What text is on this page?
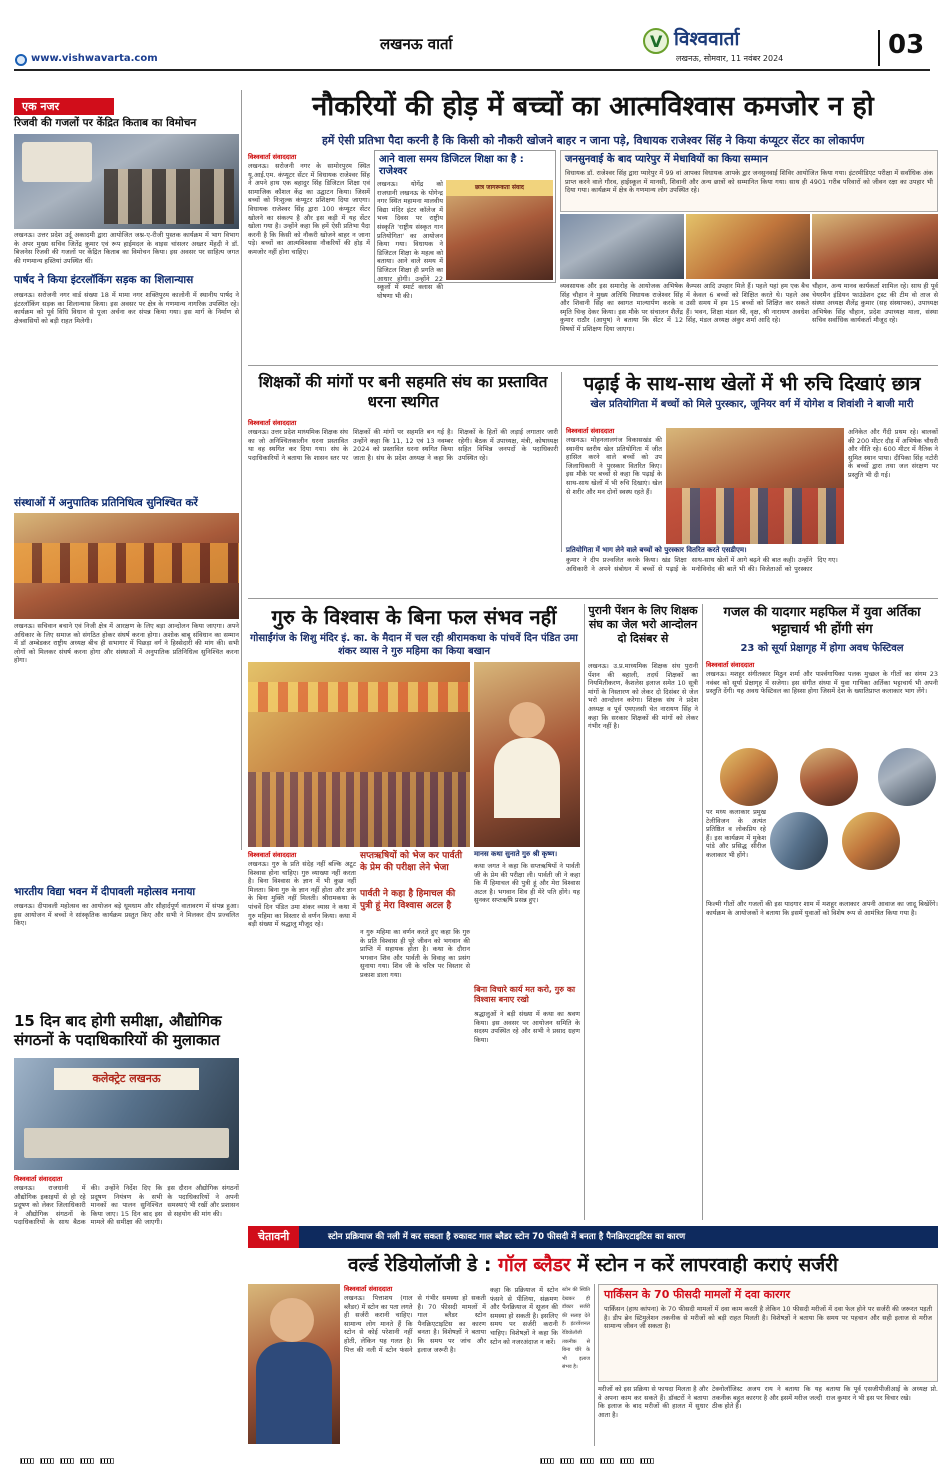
लखनऊ वार्ता
www.vishwavarta.com
V विश्ववार्ता
लखनऊ, सोमवार, 11 नवंबर 2024	03
एक नजर
रिजवी की गजलों पर केंद्रित किताब का विमोचन
लखनऊ। उत्तर प्रदेश उर्दू अकादमी द्वारा आयोजित जश्न-ए-रीजी पुस्तक कार्यक्रम में भाग विभाग के अपर मुख्य सचिव जितेंद्र कुमार एवं रूप हाईमदल के वाइस चांसलर अख्तर मेंहदी ने डॉ. बिजनेस रिजवी की गजलों पर केंद्रित किताब का विमोचन किया। इस अवसर पर साहित्य जगत की गणमान्य हस्तियां उपस्थित थीं।
पार्षद ने किया इंटरलॉकिंग सड़क का शिलान्यास
लखनऊ। सरोजनी नगर वार्ड संख्या 18 में मामा नगर शक्तिपुरम कालोनी में स्थानीय पार्षद ने इंटरलॉकिंग सड़क का शिलान्यास किया। इस अवसर पर क्षेत्र के गणमान्य नागरिक उपस्थित रहे। कार्यक्रम को पूर्व विधि विधान से पूजा अर्चना कर संपन्न किया गया। इस मार्ग के निर्माण से क्षेत्रवासियों को बड़ी राहत मिलेगी।
संस्थाओं में अनुपातिक प्रतिनिधित्व सुनिश्चित करें
लखनऊ। सचिवान बचाने एवं निजी क्षेत्र में आरक्षण के लिए बड़ा आन्दोलन किया जाएगा। अपने अधिकार के लिए समाज को संगठित होकर संघर्ष करना होगा। अशोक बाबू संविधान का सम्मान में डॉ अम्बेडकर राष्ट्रीय अध्यक्ष बीच ही सभागार में पिछड़ा वर्ग ने हिस्सेदारी की मांग की। सभी लोगों को मिलकर संघर्ष करना होगा और संस्थाओं में अनुपातिक प्रतिनिधित्व सुनिश्चित करना होगा।
भारतीय विद्या भवन में दीपावली महोत्सव मनाया
लखनऊ। दीपावली महोत्सव का आयोजन बड़े धूमधाम और सौहार्दपूर्ण वातावरण में संपन्न हुआ। इस आयोजन में बच्चों ने सांस्कृतिक कार्यक्रम प्रस्तुत किए और सभी ने मिलकर दीप प्रज्वलित किए।
15 दिन बाद होगी समीक्षा, औद्योगिक संगठनों के पदाधिकारियों की मुलाकात
कलेक्ट्रेट लखनऊ
विश्ववार्ता संवाददाता
लखनऊ। राजधानी में औद्योगिक इकाइयों से हो रहे प्रदूषण को लेकर जिलाधिकारी ने औद्योगिक संगठनों के पदाधिकारियों के साथ बैठक की। उन्होंने निर्देश दिए कि प्रदूषण नियंत्रण के सभी मानकों का पालन सुनिश्चित किया जाए। 15 दिन बाद इस मामले की समीक्षा की जाएगी। इस दौरान औद्योगिक संगठनों के पदाधिकारियों ने अपनी समस्याएं भी रखीं और प्रशासन से सहयोग की मांग की।
नौकरियों की होड़ में बच्चों का आत्मविश्वास कमजोर न हो
हमें ऐसी प्रतिभा पैदा करनी है कि किसी को नौकरी खोजने बाहर न जाना पड़े, विधायक राजेश्वर सिंह ने किया कंप्यूटर सेंटर का लोकार्पण
विश्ववार्ता संवाददाता
लखनऊ। सरोजनी नगर के सामोरपुरम स्थित यू.आई.एम. कंप्यूटर सेंटर में विधायक राजेश्वर सिंह ने अपने हाथ एक बहादुर सिंह डिजिटल शिक्षा एवं सामाजिक कौशल केंद्र का उद्घाटन किया। जिसमें बच्चों को निःशुल्क कंप्यूटर प्रशिक्षण दिया जाएगा। विधायक राजेश्वर सिंह द्वारा 100 कंप्यूटर सेंटर खोलने का संकल्प है और इस कड़ी में यह सेंटर खोला गया है। उन्होंने कहा कि हमें ऐसी प्रतिभा पैदा करनी है कि किसी को नौकरी खोजने बाहर न जाना पड़े। बच्चों का आत्मविश्वास नौकरियों की होड़ में कमजोर नहीं होना चाहिए।
आने वाला समय डिजिटल शिक्षा का है : राजेश्वर
लखनऊ। योगेंद्र को राजधानी लखनऊ के योगेन्द्र नगर स्थित महामना मालवीय विद्या मंदिर इंटर कॉलेज में भव्य दिवस पर राष्ट्रीय संस्कृति 'राष्ट्रीय संस्कृत गान प्रतियोगिता' का आयोजन किया गया। विधायक ने डिजिटल शिक्षा के महत्व को बताया। आने वाले समय में डिजिटल शिक्षा ही प्रगति का आधार होगी। उन्होंने 22 स्कूलों में स्मार्ट क्लास की घोषणा भी की।
छात्र जागरूकता संवाद
जनसुनवाई के बाद प्यारेपुर में मेधावियों का किया सम्मान
विधायक डॉ. राजेश्वर सिंह द्वारा प्यारेपुर में 99 वां आपका विधायक आपके द्वार जनसुनवाई शिविर आयोजित किया गया। इंटरमीडिएट परीक्षा में सर्वाधिक अंक प्राप्त करने वाले गौरव, हाईस्कूल में मानसी, शिवानी और अन्य छात्रों को सम्मानित किया गया। साथ ही 4901 गरीब परिवारों को जीवन रक्षा का उपहार भी दिया गया। कार्यक्रम में क्षेत्र के गणमान्य लोग उपस्थित रहे।
व्यवसायक और इस समारोह के आयोजक अभिषेक सिंह चौहान ने मुख्य अतिथि विधायक राजेश्वर सिंह और शिवानी सिंह का स्वागत माल्यार्पण करके व स्मृति चिन्ह देकर किया। इस मौके पर संचालन शैलेंद्र कुमार राठौर (आयुष) ने बताया कि सेंटर में 12 विषयों में प्रशिक्षण दिया जाएगा।
कैम्पस आदि उपहार मिले हैं। पहले यहां हम एक बैच में केवल 6 बच्चों को शिक्षित करते थे। पहले अब उसी समय में हम 15 बच्चों को शिक्षित कर सकते हैं। भवन, शिक्षा मंडल श्री, वृक्ष, श्री नारायण अवधेश सिंह, मंडल अध्यक्ष अंकुर शर्मा आदि रहे।
चौहान, अन्य मानव कार्यकर्ता शामिल रहे। साथ ही पूर्व चेयरमैन इंडियन फाउंडेशन ट्रस्ट की टीम वो ताज से संस्था अध्यक्ष शैलेंद्र कुमार (सह संस्थापक), उपाध्यक्ष अभिषेक सिंह चौहान, प्रदेश उपाध्यक्ष माला, संस्था सचिव सर्वाधिक कार्यकर्ता मौजूद रहे।
शिक्षकों की मांगों पर बनी सहमति संघ का प्रस्तावित धरना स्थगित
विश्ववार्ता संवाददाता
लखनऊ। उत्तर प्रदेश माध्यमिक शिक्षक संघ का जो अनिश्चितकालीन धरना प्रस्तावित था वह स्थगित कर दिया गया। संघ के पदाधिकारियों ने बताया कि शासन स्तर पर शिक्षकों की मांगों पर सहमति बन गई है। उन्होंने कहा कि 11, 12 एवं 13 नवम्बर 2024 को प्रस्तावित धरना स्थगित किया जाता है। संघ के प्रदेश अध्यक्ष ने कहा कि शिक्षकों के हितों की लड़ाई लगातार जारी रहेगी। बैठक में उपाध्यक्ष, मंत्री, कोषाध्यक्ष सहित विभिन्न जनपदों के पदाधिकारी उपस्थित रहे।
पढ़ाई के साथ-साथ खेलों में भी रुचि दिखाएं छात्र
खेल प्रतियोगिता में बच्चों को मिले पुरस्कार, जूनियर वर्ग में योगेश व शिवांशी ने बाजी मारी
विश्ववार्ता संवाददाता
लखनऊ। मोहनलालगंज विकासखंड की स्थानीय स्तरीय खेल प्रतियोगिता में जीत हासिल करने वाले बच्चों को उप जिलाधिकारी ने पुरस्कार वितरित किए। इस मौके पर बच्चों से कहा कि पढ़ाई के साथ-साथ खेलों में भी रुचि दिखाएं। खेल से शरीर और मन दोनों स्वस्थ रहते हैं।
अनिकेत और गैंदी प्रथम रहे। बालकों की 200 मीटर दौड़ में अभिषेक चौधरी और नीति रहे। 600 मीटर में नैतिक ने सुमित स्थान पाया। दीपिका सिंह नटोरी के बच्चों द्वारा तथा जल संरक्षण पर प्रस्तुति भी दी गई।
प्रतियोगिता में भाग लेने वाले बच्चों को पुरस्कार वितरित करते एसडीएम।
कुमार ने दीप प्रज्वलित करके किया। खंड शिक्षा अधिकारी ने अपने संबोधन में बच्चों से पढ़ाई के साथ-साथ खेलों में आगे बढ़ने की बात कही। उन्होंने मनोविनोद की बातें भी की। विजेताओं को पुरस्कार दिए गए।
गुरु के विश्वास के बिना फल संभव नहीं
गोसाईंगंज के शिशु मंदिर इं. का. के मैदान में चल रही श्रीरामकथा के पांचवें दिन पंडित उमा शंकर व्यास ने गुरु महिमा का किया बखान
विश्ववार्ता संवाददाता
लखनऊ। गुरु के प्रति संदेह नहीं बल्कि अटूट विश्वास होना चाहिए। गुरु व्याख्या नहीं करता है। बिना विश्वास के ज्ञान में भी कुछ नहीं मिलता। बिना गुरु के ज्ञान नहीं होता और ज्ञान के बिना मुक्ति नहीं मिलती। श्रीरामकथा के पांचवें दिन पंडित उमा शंकर व्यास ने कथा में गुरु महिमा का विस्तार से वर्णन किया। कथा में बड़ी संख्या में श्रद्धालु मौजूद रहे।
सप्तऋषियों को भेज कर पार्वती के प्रेम की परीक्षा लेने भेजा
पार्वती ने कहा है हिमाचल की पुत्री हूं मेरा विश्वास अटल है
न गुरु महिमा का वर्णन करते हुए कहा कि गुरु के प्रति विश्वास ही पूरे जीवन को भगवान की प्राप्ति में सहायक होता है। कथा के दौरान भगवान शिव और पार्वती के विवाह का प्रसंग सुनाया गया। शिव जी के चरित्र पर विस्तार से प्रकाश डाला गया।
मानस कथा सुनाते गुरु श्री कृष्ण।
कथा जगत ने कहा कि सप्तऋषियों ने पार्वती जी के प्रेम की परीक्षा ली। पार्वती जी ने कहा कि मैं हिमाचल की पुत्री हूं और मेरा विश्वास अटल है। भगवान शिव ही मेरे पति होंगे। यह सुनकर सप्तऋषि प्रसन्न हुए।
बिना विचारे कार्य मत करो, गुरु का विश्वास बनाए रखो
श्रद्धालुओं ने बड़ी संख्या में कथा का श्रवण किया। इस अवसर पर आयोजन समिति के सदस्य उपस्थित रहे और सभी ने प्रसाद ग्रहण किया।
पुरानी पेंशन के लिए शिक्षक संघ का जेल भरो आन्दोलन दो दिसंबर से
लखनऊ। उ.प्र.माध्यमिक शिक्षक संघ पुरानी पेंशन की बहाली, तदर्थ शिक्षकों का नियमितीकरण, कैशलेस इलाज समेत 10 सूत्री मांगों के निस्तारण को लेकर दो दिसंबर से जेल भरो आन्दोलन करेगा। शिक्षक संघ ने प्रदेश अध्यक्ष व पूर्व एमएलसी चेत नारायण सिंह ने कहा कि सरकार शिक्षकों की मांगों को लेकर गंभीर नहीं है।
गजल की यादगार महफिल में युवा अर्तिका भट्टाचार्य भी होंगी संग
23 को सूर्या प्रेक्षागृह में होगा अवध फेस्टिवल
विश्ववार्ता संवाददाता
लखनऊ। मशहूर संगीतकार मिठुन शर्मा और पार्श्वगायिका पलक मुच्छल के गीतों का संगम 23 नवंबर को सूर्या प्रेक्षागृह में सजेगा। इस संगीत संध्या में युवा गायिका अर्तिका भट्टाचार्य भी अपनी प्रस्तुति देंगी। यह अवध फेस्टिवल का हिस्सा होगा जिसमें देश के ख्यातिप्राप्त कलाकार भाग लेंगे।
पर मध्य कलाकार प्रमुख टेलीविजन के अत्यंत प्रतिष्ठित व लोकप्रिय रहे हैं। इस कार्यक्रम में मुकेश पांडे और प्रसिद्ध सीरीज कलाकार भी होंगे।
फिल्मी गीतों और गजलों की इस यादगार शाम में मशहूर कलाकार अपनी आवाज का जादू बिखेरेंगे। कार्यक्रम के आयोजकों ने बताया कि इसमें युवाओं को विशेष रूप से आमंत्रित किया गया है।
चेतावनी	स्टोन प्रक्रियाज की नली में कर सकता है रुकावट गाल ब्लैडर स्टोन 70 फीसदी में बनता है पैनक्रिएटाइटिस का कारण
वर्ल्ड रेडियोलॉजी डे : गॉल ब्लैडर में स्टोन न करें लापरवाही कराएं सर्जरी
विश्ववार्ता संवाददाता
लखनऊ। पित्ताशय (गाल ब्लैडर) में स्टोन का पता लगते ही सर्जरी करानी चाहिए। सामान्य लोग मानते हैं कि स्टोन से कोई परेशानी नहीं होती, लेकिन यह गलत है। पित्त की नली में स्टोन फंसने से गंभीर समस्या हो सकती है। 70 फीसदी मामलों में गाल ब्लैडर स्टोन पैनक्रिएटाइटिस का कारण बनता है। विशेषज्ञों ने बताया कि समय पर जांच और इलाज जरूरी है।
कहा कि प्रक्रियाज में स्टोन फंसने से पीलिया, संक्रमण और पैनक्रियाज में सूजन की समस्या हो सकती है। इसलिए समय पर सर्जरी करानी चाहिए। विशेषज्ञों ने कहा कि स्टोन को नजरअंदाज न करें।
स्टोन की स्थिति देखकर ही डॉक्टर सर्जरी की सलाह देते हैं। इंटरवेंशनल रेडियोलॉजी तकनीक से बिना चीरे के भी इलाज संभव है।
पार्किंसन के 70 फीसदी मामलों में दवा कारगर
पार्किंसन (हाथ कांपना) के 70 फीसदी मामलों में दवा काम करती है लेकिन 10 फीसदी मरीजों में दवा फेल होने पर सर्जरी की जरूरत पड़ती है। डीप ब्रेन स्टिमुलेशन तकनीक से मरीजों को बड़ी राहत मिलती है। विशेषज्ञों ने बताया कि समय पर पहचान और सही इलाज से मरीज सामान्य जीवन जी सकता है।
मरीजों को इस प्रक्रिया से फायदा मिलता है और वे अपना काम कर सकते हैं। डॉक्टरों ने बताया कि इलाज के बाद मरीजों की हालत में सुधार आता है।
टेक्नोलॉजिस्ट अजय राय ने बताया कि यह तकनीक बहुत कारगर है और इसमें मरीज जल्दी ठीक होते हैं।
बताया कि पूर्व एसजीपीजीआई के अध्यक्ष प्रो. राज कुमार ने भी इस पर विचार रखे।
